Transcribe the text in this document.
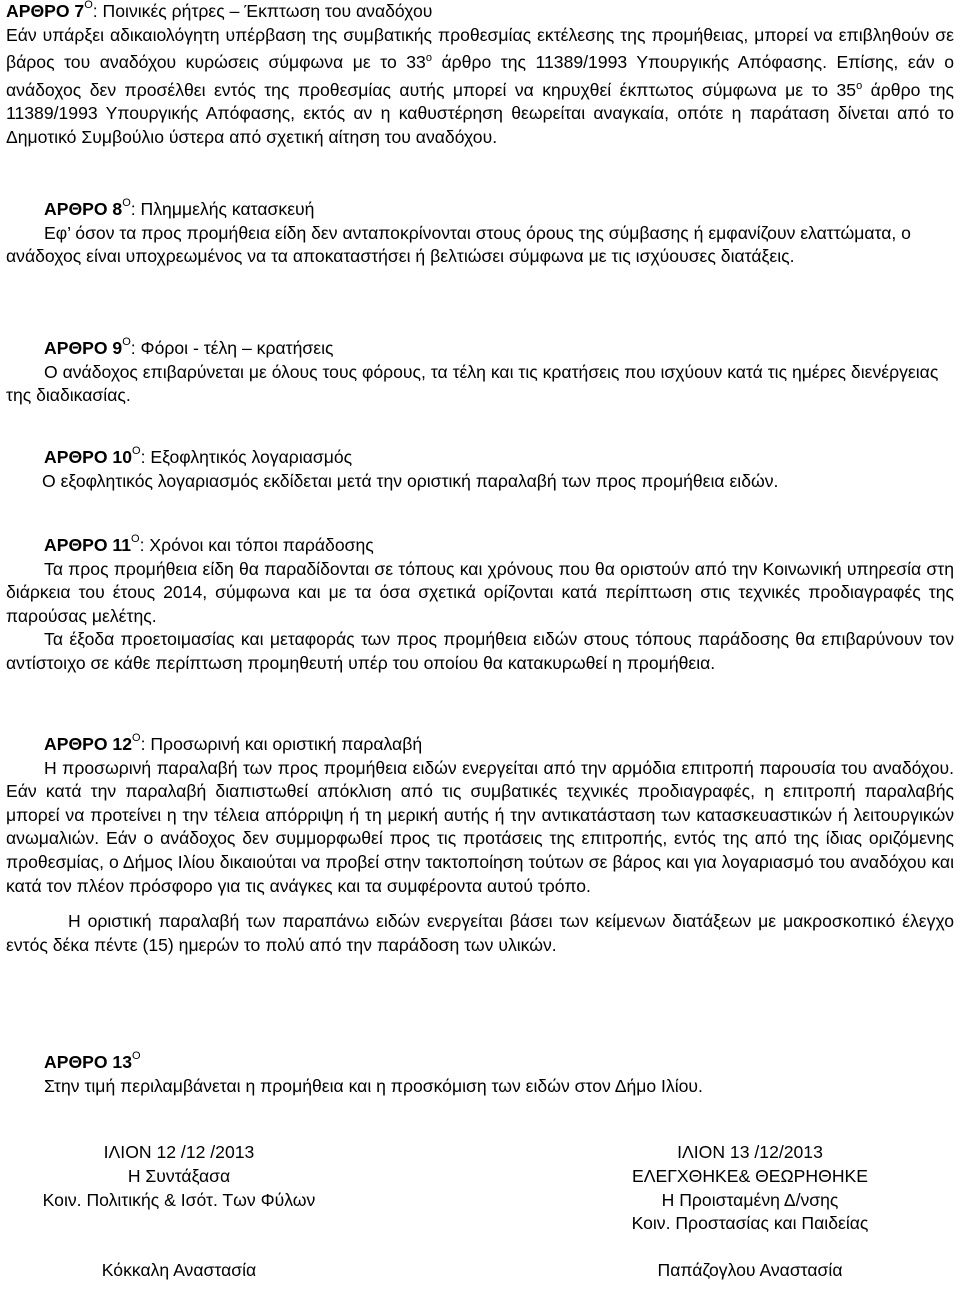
ΑΡΘΡΟ $7^O$: Ποινικές ρήτρες – Έκπτωση του αναδόχου
Εάν υπάρξει αδικαιολόγητη υπέρβαση της συμβατικής προθεσμίας εκτέλεσης της προμήθειας, μπορεί να επιβληθούν σε βάρος του αναδόχου κυρώσεις σύμφωνα με το $33^o$ άρθρο της 11389/1993 Υπουργικής Απόφασης. Επίσης, εάν ο ανάδοχος δεν προσέλθει εντός της προθεσμίας αυτής μπορεί να κηρυχθεί έκπτωτος σύμφωνα με το $35^o$ άρθρο της 11389/1993 Υπουργικής Απόφασης, εκτός αν η καθυστέρηση θεωρείται αναγκαία, οπότε η παράταση δίνεται από το Δημοτικό Συμβούλιο ύστερα από σχετική αίτηση του αναδόχου.
ΑΡΘΡΟ $8^O$: Πλημμελής κατασκευή
Εφ’ όσον τα προς προμήθεια είδη δεν ανταποκρίνονται στους όρους της σύμβασης ή εμφανίζουν ελαττώματα, ο ανάδοχος είναι υποχρεωμένος να τα αποκαταστήσει ή βελτιώσει σύμφωνα με τις ισχύουσες διατάξεις.
ΑΡΘΡΟ $9^O$: Φόροι - τέλη – κρατήσεις
Ο ανάδοχος επιβαρύνεται με όλους τους φόρους, τα τέλη και τις κρατήσεις που ισχύουν κατά τις ημέρες διενέργειας της διαδικασίας.
ΑΡΘΡΟ $10^O$: Εξοφλητικός λογαριασμός
Ο εξοφλητικός λογαριασμός εκδίδεται μετά την οριστική παραλαβή των προς προμήθεια ειδών.
ΑΡΘΡΟ $11^O$: Χρόνοι και τόποι παράδοσης
Τα προς προμήθεια είδη θα παραδίδονται σε τόπους και χρόνους που θα οριστούν από την Κοινωνική υπηρεσία στη διάρκεια του έτους 2014, σύμφωνα και με τα όσα σχετικά ορίζονται κατά περίπτωση στις τεχνικές προδιαγραφές της παρούσας μελέτης.
Τα έξοδα προετοιμασίας και μεταφοράς των προς προμήθεια ειδών στους τόπους παράδοσης θα επιβαρύνουν τον αντίστοιχο σε κάθε περίπτωση προμηθευτή υπέρ του οποίου θα κατακυρωθεί η προμήθεια.
ΑΡΘΡΟ $12^O$: Προσωρινή και οριστική παραλαβή
Η προσωρινή παραλαβή των προς προμήθεια ειδών ενεργείται από την αρμόδια επιτροπή παρουσία του αναδόχου. Εάν κατά την παραλαβή διαπιστωθεί απόκλιση από τις συμβατικές τεχνικές προδιαγραφές, η επιτροπή παραλαβής μπορεί να προτείνει η την τέλεια απόρριψη ή τη μερική αυτής ή την αντικατάσταση των κατασκευαστικών ή λειτουργικών ανωμαλιών. Εάν ο ανάδοχος δεν συμμορφωθεί προς τις προτάσεις της επιτροπής, εντός της από της ίδιας οριζόμενης προθεσμίας, ο Δήμος Ιλίου δικαιούται να προβεί στην τακτοποίηση τούτων σε βάρος και για λογαριασμό του αναδόχου και κατά τον πλέον πρόσφορο για τις ανάγκες και τα συμφέροντα αυτού τρόπο.
Η οριστική παραλαβή των παραπάνω ειδών ενεργείται βάσει των κείμενων διατάξεων με μακροσκοπικό έλεγχο εντός δέκα πέντε (15) ημερών το πολύ από την παράδοση των υλικών.
ΑΡΘΡΟ $13^O$
Στην τιμή περιλαμβάνεται η προμήθεια και η προσκόμιση των ειδών στον Δήμο Ιλίου.
ΙΛΙΟΝ 12 /12 /2013
Η Συντάξασα
Κοιν. Πολιτικής & Ισότ. Των Φύλων
Κόκκαλη Αναστασία
ΙΛΙΟΝ 13 /12/2013
ΕΛΕΓΧΘΗΚΕ& ΘΕΩΡΗΘΗΚΕ
Η Προισταμένη Δ/νσης
Κοιν. Προστασίας και Παιδείας
Παπάζογλου Αναστασία
